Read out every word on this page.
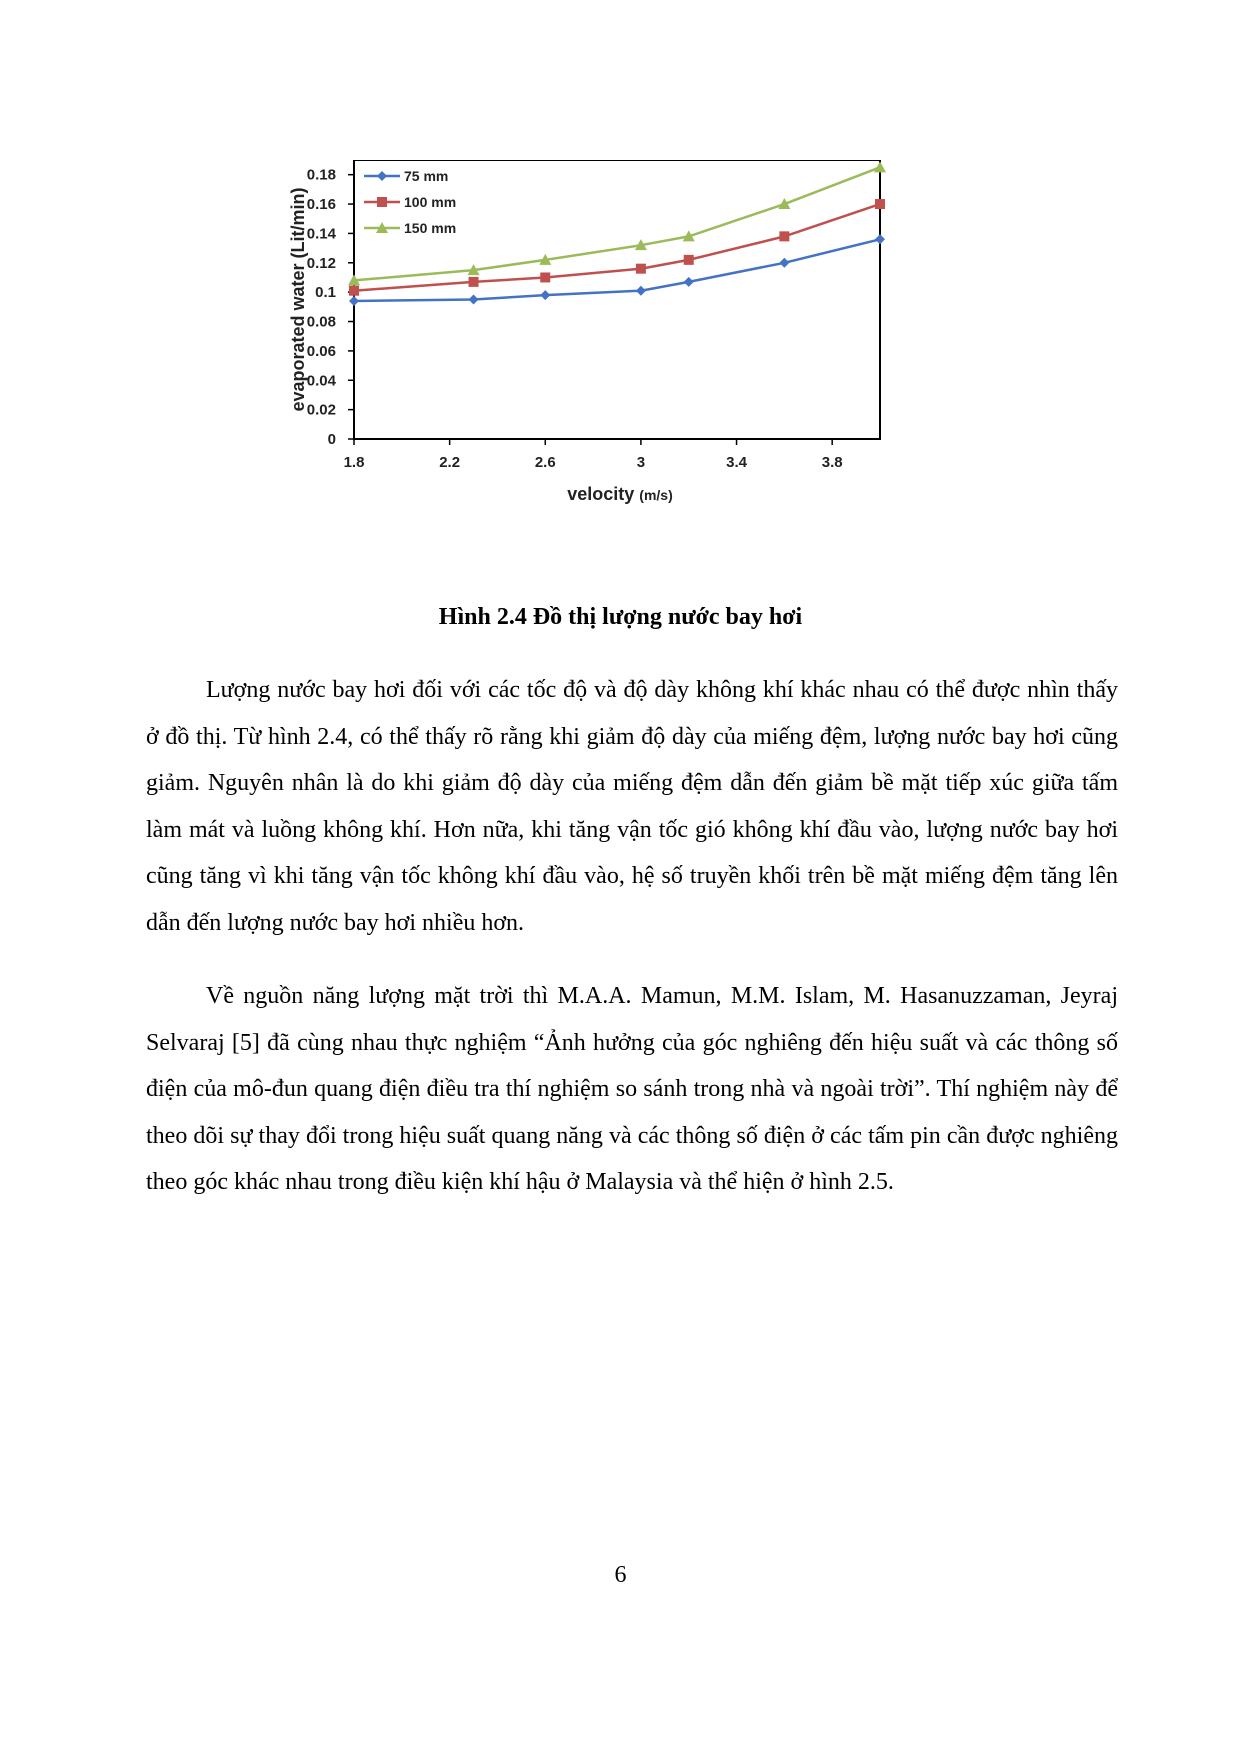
0
0.02
0.04
0.06
0.08
0.1
0.12
0.14
0.16
0.18
1.8	2.2	2.6	3	3.4	3.8
75 mm
100 mm
150 mm
velocity (m/s)
evaporated water (Lit/min)
Hình 2.4 Đồ thị lượng nước bay hơi

Lượng nước bay hơi đối với các tốc độ và độ dày không khí khác nhau có thể được nhìn thấy ở đồ thị. Từ hình 2.4, có thể thấy rõ rằng khi giảm độ dày của miếng đệm, lượng nước bay hơi cũng giảm. Nguyên nhân là do khi giảm độ dày của miếng đệm dẫn đến giảm bề mặt tiếp xúc giữa tấm làm mát và luồng không khí. Hơn nữa, khi tăng vận tốc gió không khí đầu vào, lượng nước bay hơi cũng tăng vì khi tăng vận tốc không khí đầu vào, hệ số truyền khối trên bề mặt miếng đệm tăng lên dẫn đến lượng nước bay hơi nhiều hơn.

Về nguồn năng lượng mặt trời thì M.A.A. Mamun, M.M. Islam, M. Hasanuzzaman, Jeyraj Selvaraj [5] đã cùng nhau thực nghiệm “Ảnh hưởng của góc nghiêng đến hiệu suất và các thông số điện của mô-đun quang điện điều tra thí nghiệm so sánh trong nhà và ngoài trời”. Thí nghiệm này để theo dõi sự thay đổi trong hiệu suất quang năng và các thông số điện ở các tấm pin cần được nghiêng theo góc khác nhau trong điều kiện khí hậu ở Malaysia và thể hiện ở hình 2.5.

6
